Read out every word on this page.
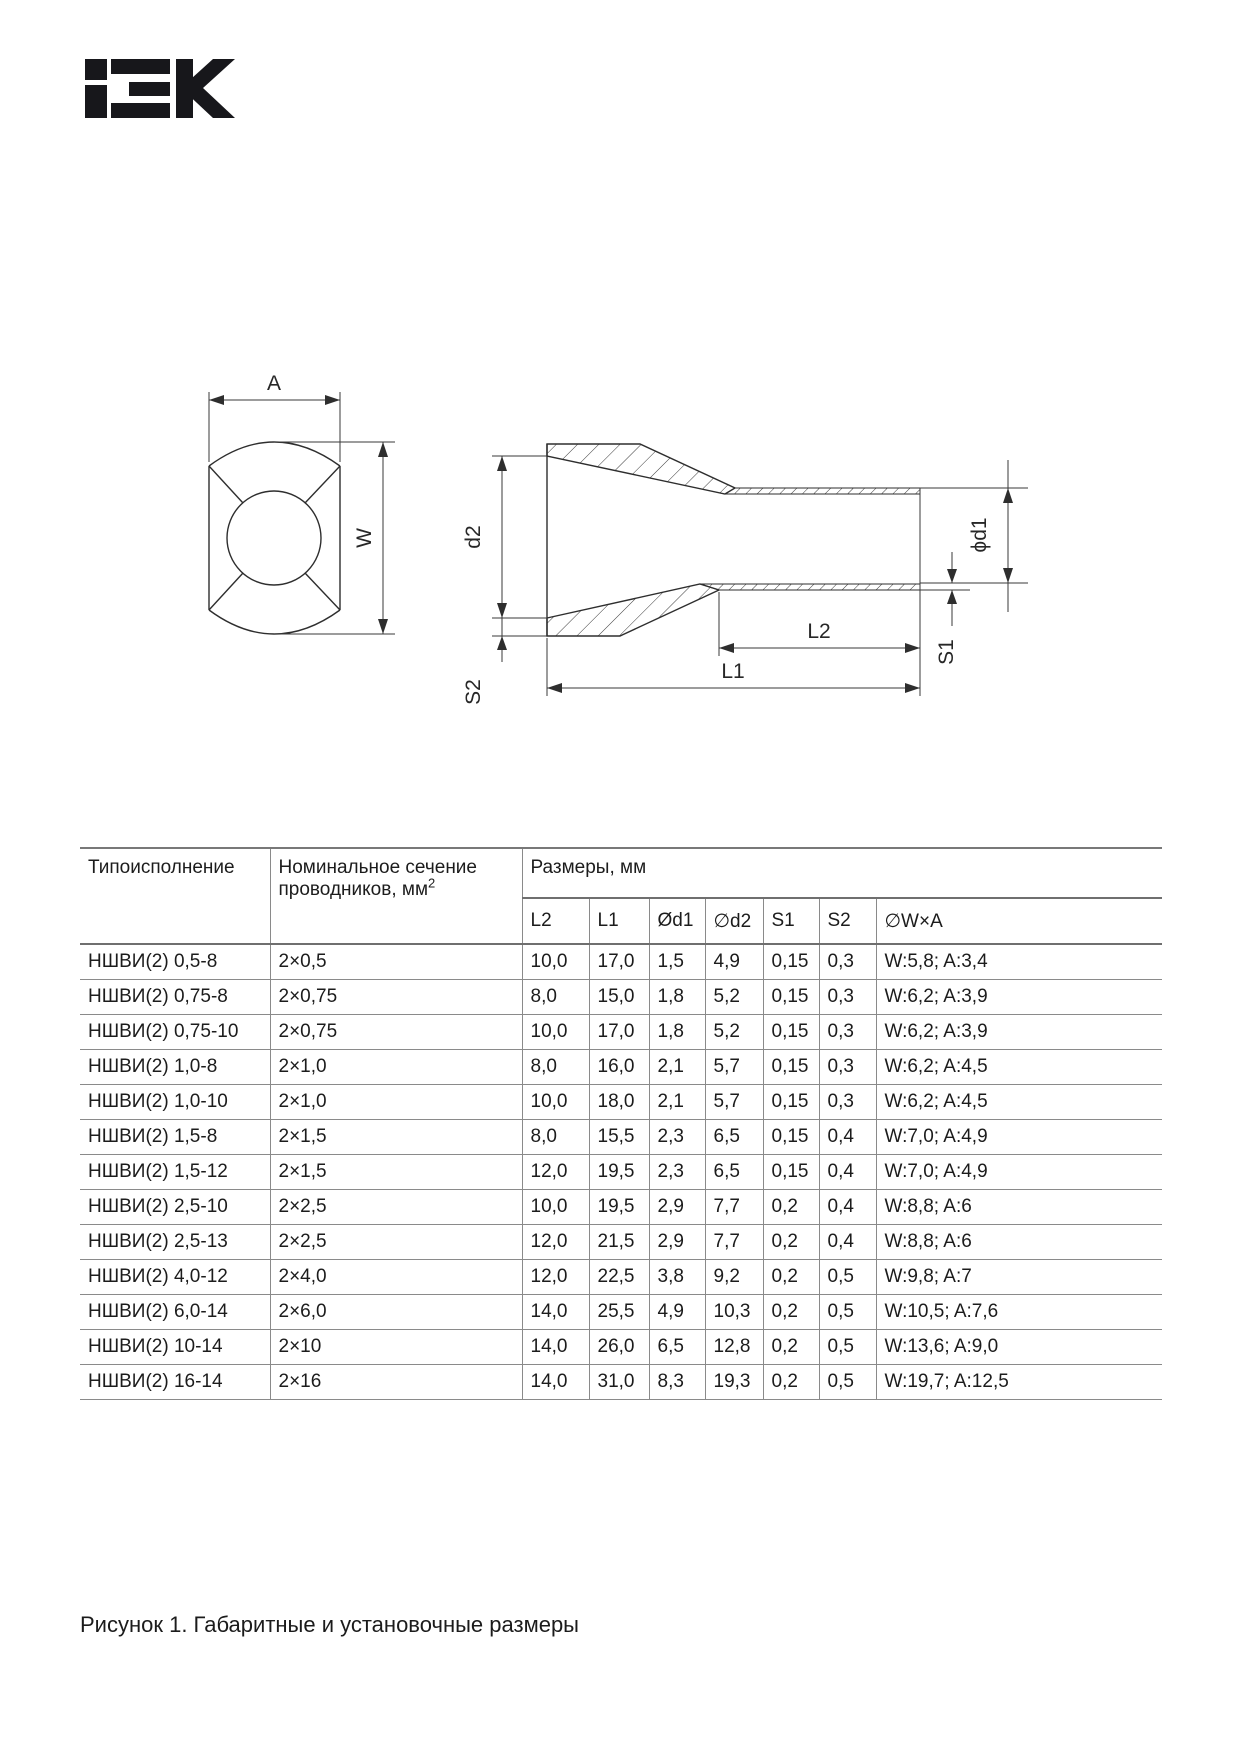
A
W	d2
S2
L2
L1
ϕd1
S1
Типоисполнение	Номинальное сечение
проводников, $мм^2$	Размеры, мм						
		L2	L1	Ød1	∅d2	S1	S2	∅W×A
НШВИ(2) 0,5-8	2×0,5	10,0	17,0	1,5	4,9	0,15	0,3	W:5,8; A:3,4
НШВИ(2) 0,75-8	2×0,75	8,0	15,0	1,8	5,2	0,15	0,3	W:6,2; A:3,9
НШВИ(2) 0,75-10	2×0,75	10,0	17,0	1,8	5,2	0,15	0,3	W:6,2; A:3,9
НШВИ(2) 1,0-8	2×1,0	8,0	16,0	2,1	5,7	0,15	0,3	W:6,2; A:4,5
НШВИ(2) 1,0-10	2×1,0	10,0	18,0	2,1	5,7	0,15	0,3	W:6,2; A:4,5
НШВИ(2) 1,5-8	2×1,5	8,0	15,5	2,3	6,5	0,15	0,4	W:7,0; A:4,9
НШВИ(2) 1,5-12	2×1,5	12,0	19,5	2,3	6,5	0,15	0,4	W:7,0; A:4,9
НШВИ(2) 2,5-10	2×2,5	10,0	19,5	2,9	7,7	0,2	0,4	W:8,8; A:6
НШВИ(2) 2,5-13	2×2,5	12,0	21,5	2,9	7,7	0,2	0,4	W:8,8; A:6
НШВИ(2) 4,0-12	2×4,0	12,0	22,5	3,8	9,2	0,2	0,5	W:9,8; A:7
НШВИ(2) 6,0-14	2×6,0	14,0	25,5	4,9	10,3	0,2	0,5	W:10,5; A:7,6
НШВИ(2) 10-14	2×10	14,0	26,0	6,5	12,8	0,2	0,5	W:13,6; A:9,0
НШВИ(2) 16-14	2×16	14,0	31,0	8,3	19,3	0,2	0,5	W:19,7; A:12,5
Рисунок 1. Габаритные и установочные размеры
